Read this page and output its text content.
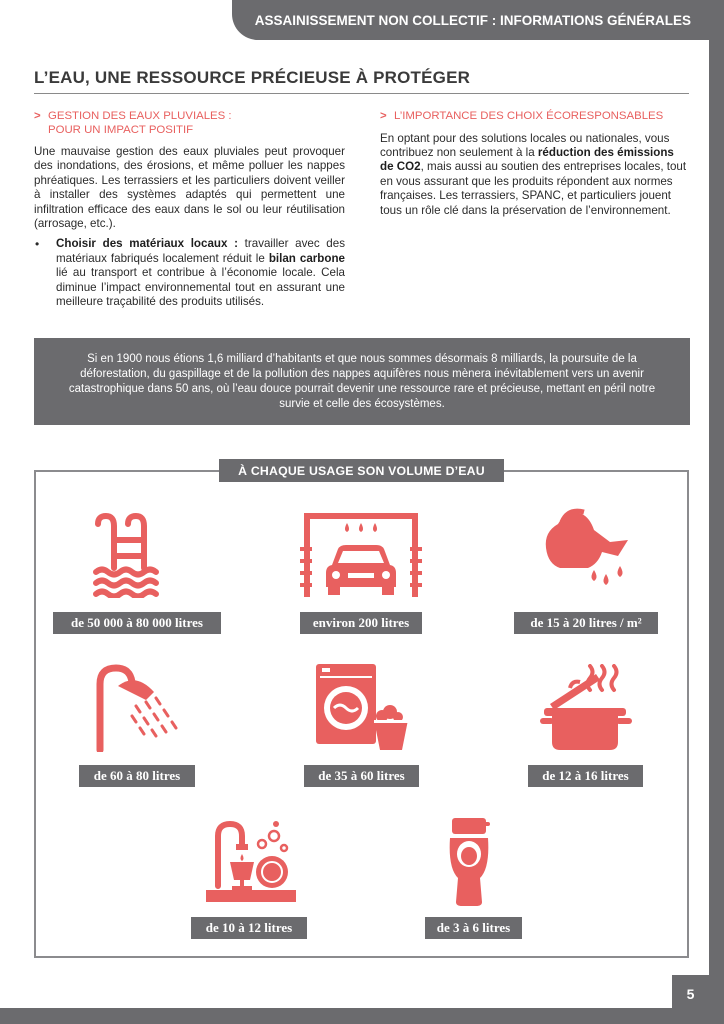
ASSAINISSEMENT NON COLLECTIF : INFORMATIONS GÉNÉRALES
L’EAU, UNE RESSOURCE PRÉCIEUSE À PROTÉGER
> GESTION DES EAUX PLUVIALES :
POUR UN IMPACT POSITIF

Une mauvaise gestion des eaux pluviales peut provoquer des inondations, des érosions, et même polluer les nappes phréatiques. Les terrassiers et les particuliers doivent veiller à installer des systèmes adaptés qui permettent une infiltration efficace des eaux dans le sol ou leur réutilisation (arrosage, etc.).

•	Choisir des matériaux locaux : travailler avec des matériaux fabriqués localement réduit le bilan carbone lié au transport et contribue à l’économie locale. Cela diminue l’impact environnemental tout en assurant une meilleure traçabilité des produits utilisés.

> L’IMPORTANCE DES CHOIX ÉCORESPONSABLES

En optant pour des solutions locales ou nationales, vous contribuez non seulement à la réduction des émissions de CO2, mais aussi au soutien des entreprises locales, tout en vous assurant que les produits répondent aux normes françaises. Les terrassiers, SPANC, et particuliers jouent tous un rôle clé dans la préservation de l’environnement.

Si en 1900 nous étions 1,6 milliard d’habitants et que nous sommes désormais 8 milliards, la poursuite de la déforestation, du gaspillage et de la pollution des nappes aquifères nous mènera inévitablement vers un avenir catastrophique dans 50 ans, où l’eau douce pourrait devenir une ressource rare et précieuse, mettant en péril notre survie et celle des écosystèmes.

À CHAQUE USAGE SON VOLUME D’EAU
de 50 000 à 80 000 litres	environ 200 litres	de 15 à 20 litres / m²
de 60 à 80 litres	de 35 à 60 litres	de 12 à 16 litres
de 10 à 12 litres	de 3 à 6 litres
5
